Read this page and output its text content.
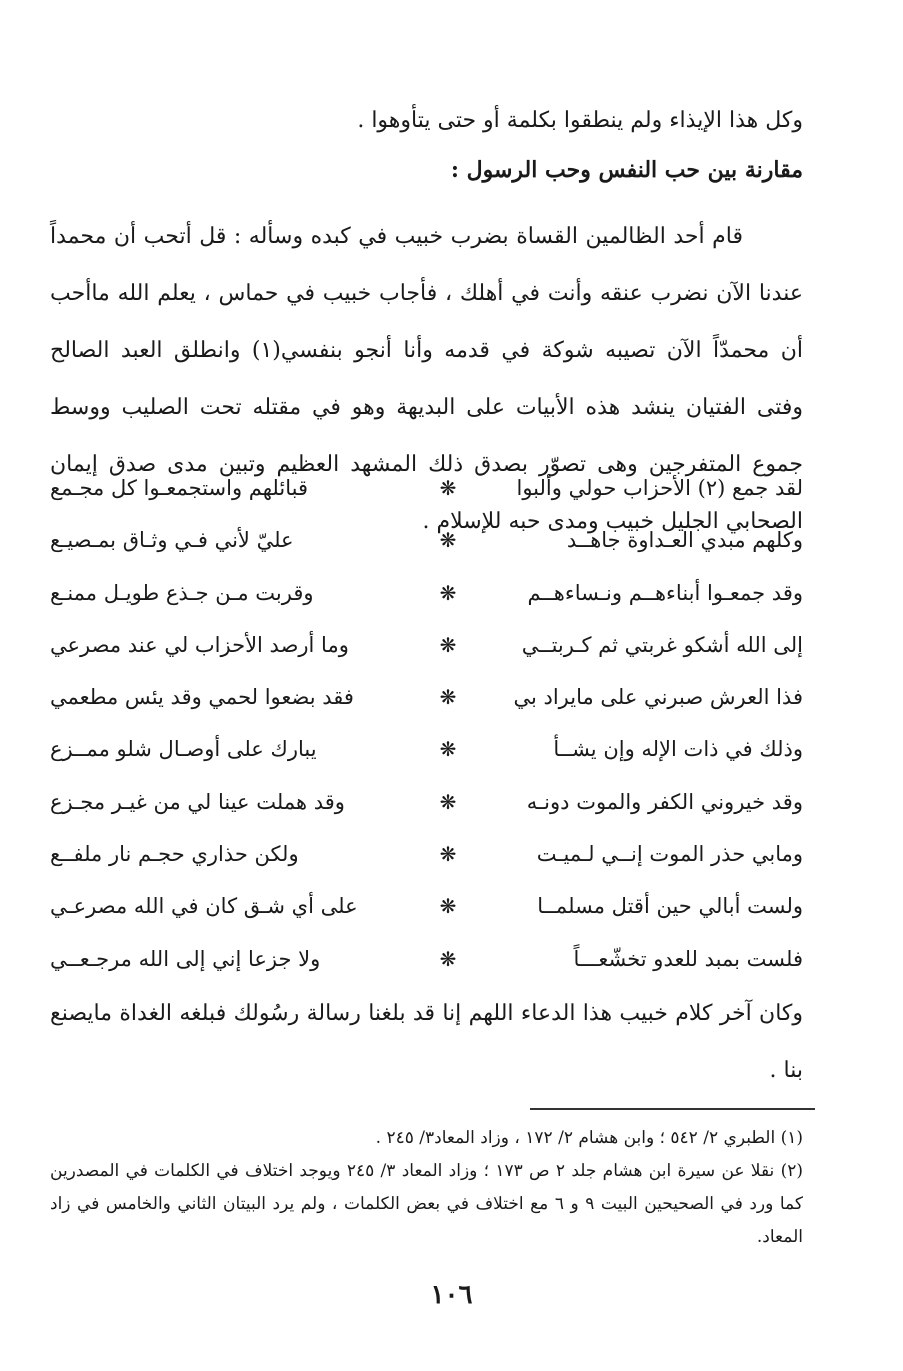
وكل هذا الإيذاء ولم ينطقوا بكلمة أو حتى يتأوهوا .
مقارنة بين حب النفس وحب الرسول :
قام أحد الظالمين القساة بضرب خبيب في كبده وسأله : قل أتحب أن محمداً عندنا الآن نضرب عنقه وأنت في أهلك ، فأجاب خبيب في حماس ، يعلم الله ماأحب أن محمدّاً الآن تصيبه شوكة في قدمه وأنا أنجو بنفسي(١) وانطلق العبد الصالح وفتى الفتيان ينشد هذه الأبيات على البديهة وهو في مقتله تحت الصليب ووسط جموع المتفرجين وهى تصوّر بصدق ذلك المشهد العظيم وتبين مدى صدق إيمان الصحابي الجليل خبيب ومدى حبه للإسلام .
لقد جمع (٢) الأحزاب حولي وألبوا
❋
قبائلهم واستجمعـوا كل مجـمع
وكلهم مبدي العـداوة جاهــد
❋
عليّ لأني فـي وثـاق بمـصيـع
وقد جمعـوا أبناءهــم ونـساءهــم
❋
وقربت مـن جـذع طويـل ممنـع
إلى الله أشكو غربتي ثم كـربتــي
❋
وما أرصد الأحزاب لي عند مصرعي
فذا العرش صبرني على مايراد بي
❋
فقد بضعوا لحمي وقد يئس مطعمي
وذلك في ذات الإله وإن يشــأ
❋
يبارك على أوصـال شلو ممــزع
وقد خيروني الكفر والموت دونـه
❋
وقد هملت عينا لي من غيـر مجـزع
ومابي حذر الموت إنــي لـميـت
❋
ولكن حذاري حجـم نار ملفــع
ولست أبالي حين أقتل مسلمــا
❋
على أي شـق كان في الله مصرعـي
فلست بمبد للعدو تخشّعـــاً
❋
ولا جزعا إني إلى الله مرجـعــي
وكان آخر كلام خبيب هذا الدعاء اللهم إنا قد بلغنا رسالة رسُولك فبلغه الغداة مايصنع بنا .

(١) الطبري ٢/ ٥٤٢ ؛ وابن هشام ٢/ ١٧٢ ، وزاد المعاد٣/ ٢٤٥ .

(٢) نقلا عن سيرة ابن هشام جلد ٢ ص ١٧٣ ؛ وزاد المعاد ٣/ ٢٤٥ ويوجد اختلاف في الكلمات في المصدرين كما ورد في الصحيحين البيت ٩ و ٦ مع اختلاف في بعض الكلمات ، ولم يرد البيتان الثاني والخامس في زاد المعاد.

١٠٦
